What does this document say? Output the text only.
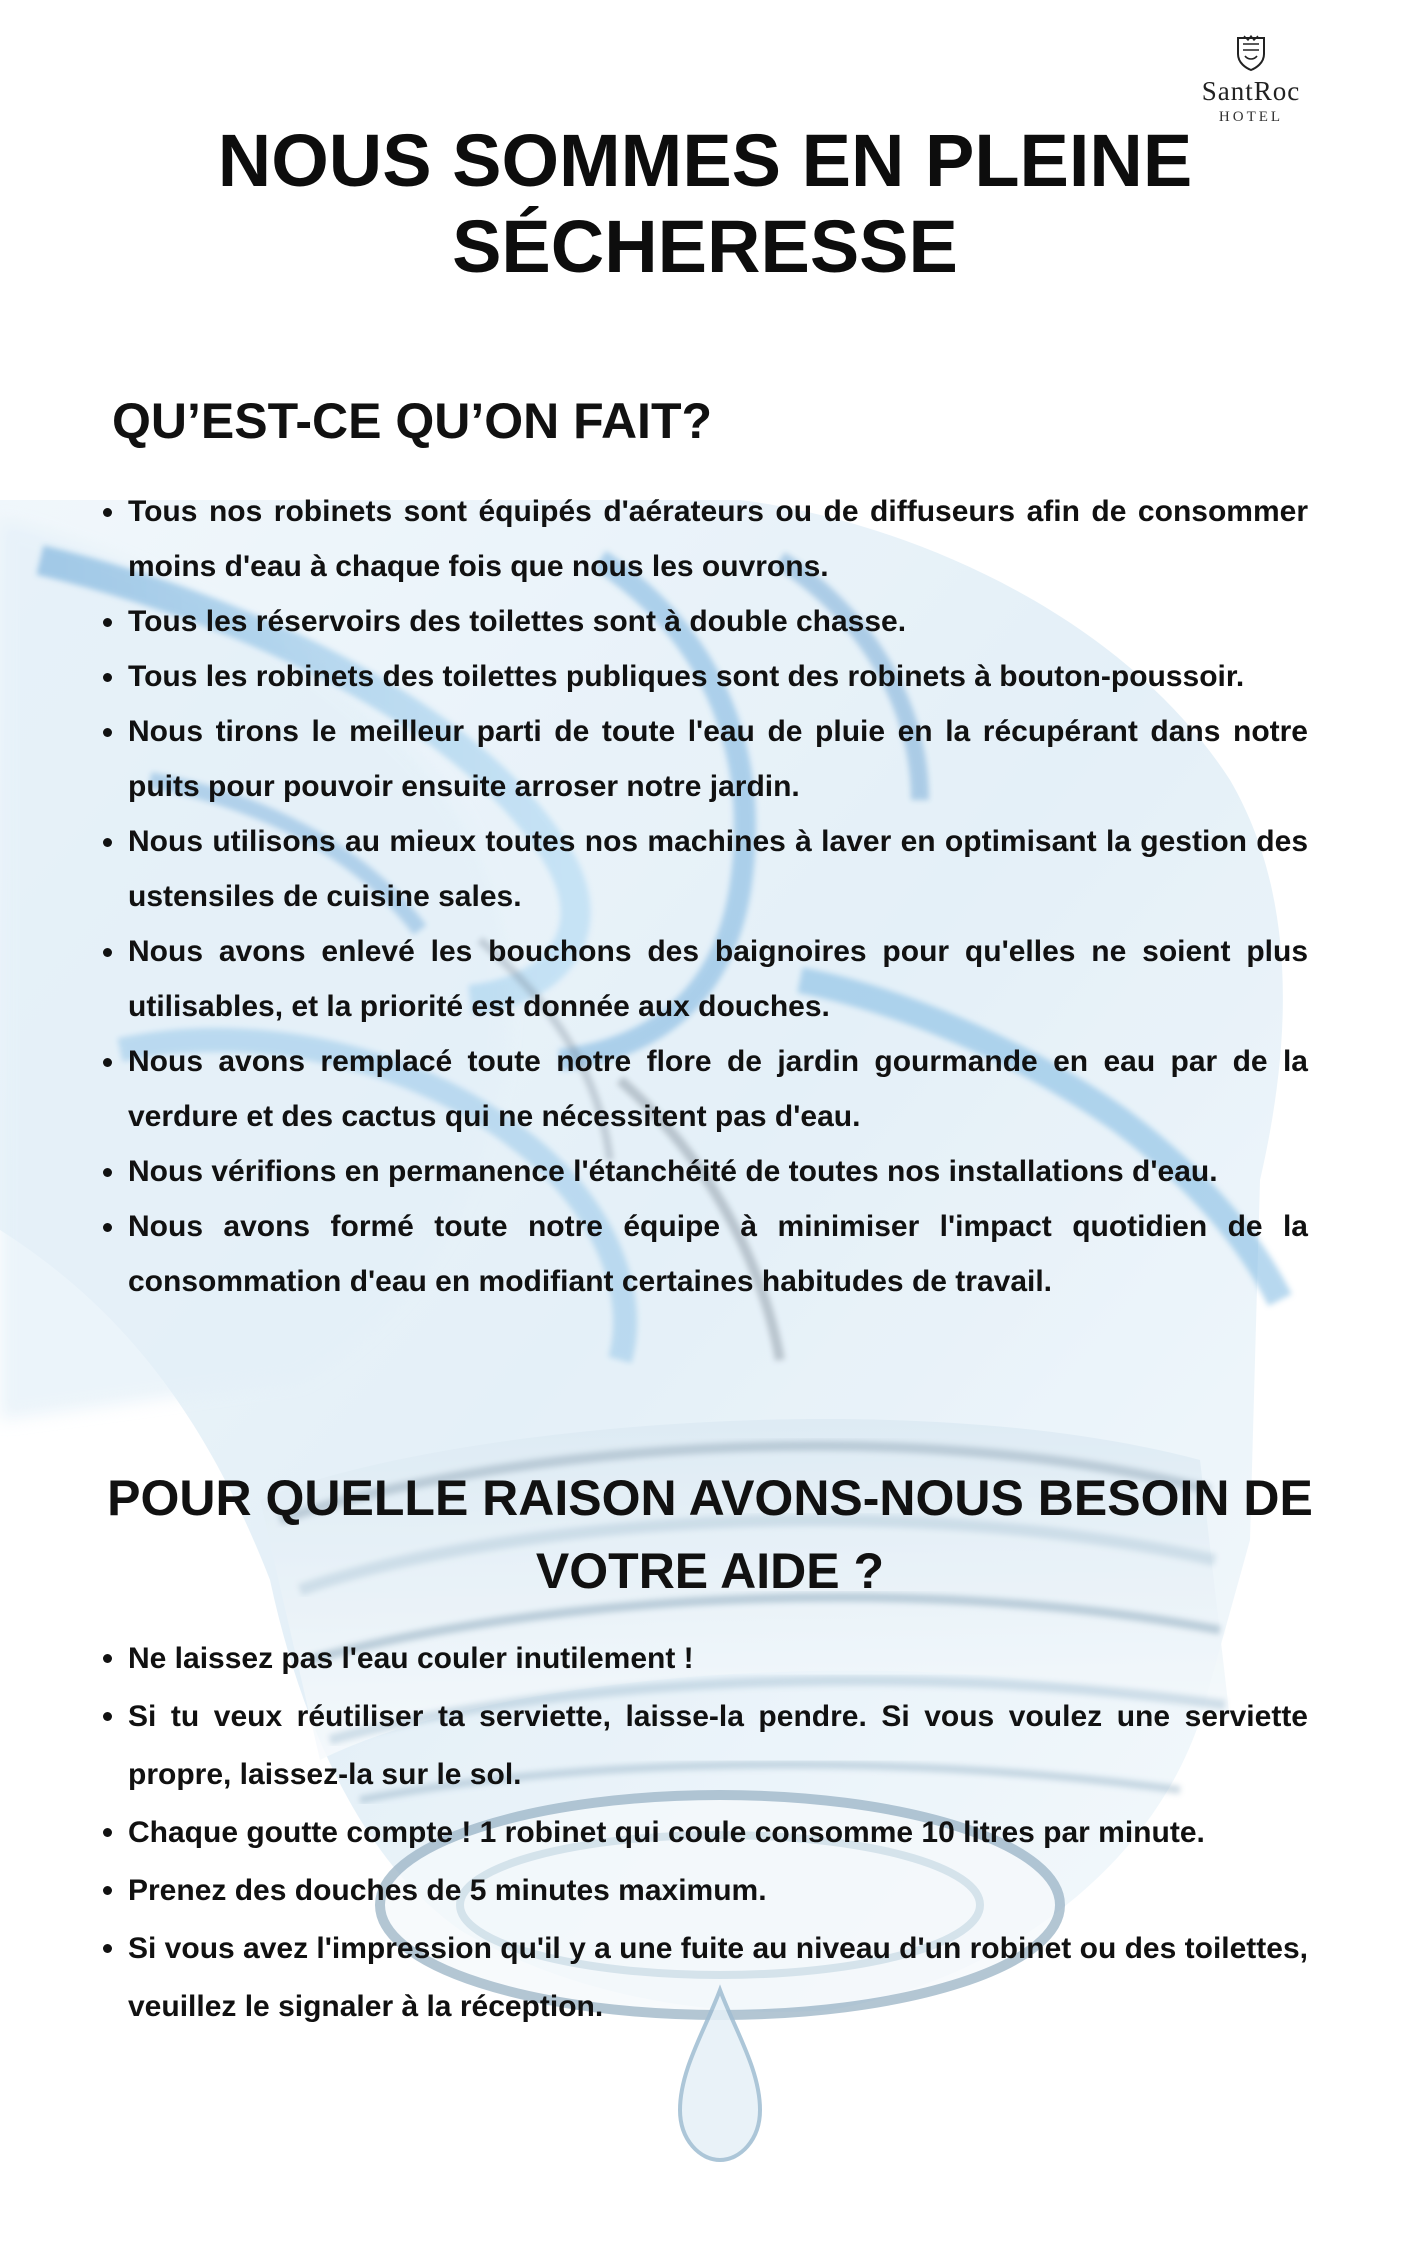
SantRoc
HOTEL
NOUS SOMMES EN PLEINE SÉCHERESSE
QU’EST-CE QU’ON FAIT?
Tous nos robinets sont équipés d'aérateurs ou de diffuseurs afin de consommer moins d'eau à chaque fois que nous les ouvrons.
Tous les réservoirs des toilettes sont à double chasse.
Tous les robinets des toilettes publiques sont des robinets à bouton-poussoir.
Nous tirons le meilleur parti de toute l'eau de pluie en la récupérant dans notre puits pour pouvoir ensuite arroser notre jardin.
Nous utilisons au mieux toutes nos machines à laver en optimisant la gestion des ustensiles de cuisine sales.
Nous avons enlevé les bouchons des baignoires pour qu'elles ne soient plus utilisables, et la priorité est donnée aux douches.
Nous avons remplacé toute notre flore de jardin gourmande en eau par de la verdure et des cactus qui ne nécessitent pas d'eau.
Nous vérifions en permanence l'étanchéité de toutes nos installations d'eau.
Nous avons formé toute notre équipe à minimiser l'impact quotidien de la consommation d'eau en modifiant certaines habitudes de travail.
POUR QUELLE RAISON AVONS-NOUS BESOIN DE VOTRE AIDE ?
Ne laissez pas l'eau couler inutilement !
Si tu veux réutiliser ta serviette, laisse-la pendre. Si vous voulez une serviette propre, laissez-la sur le sol.
Chaque goutte compte ! 1 robinet qui coule consomme 10 litres par minute.
Prenez des douches de 5 minutes maximum.
Si vous avez l'impression qu'il y a une fuite au niveau d'un robinet ou des toilettes, veuillez le signaler à la réception.
